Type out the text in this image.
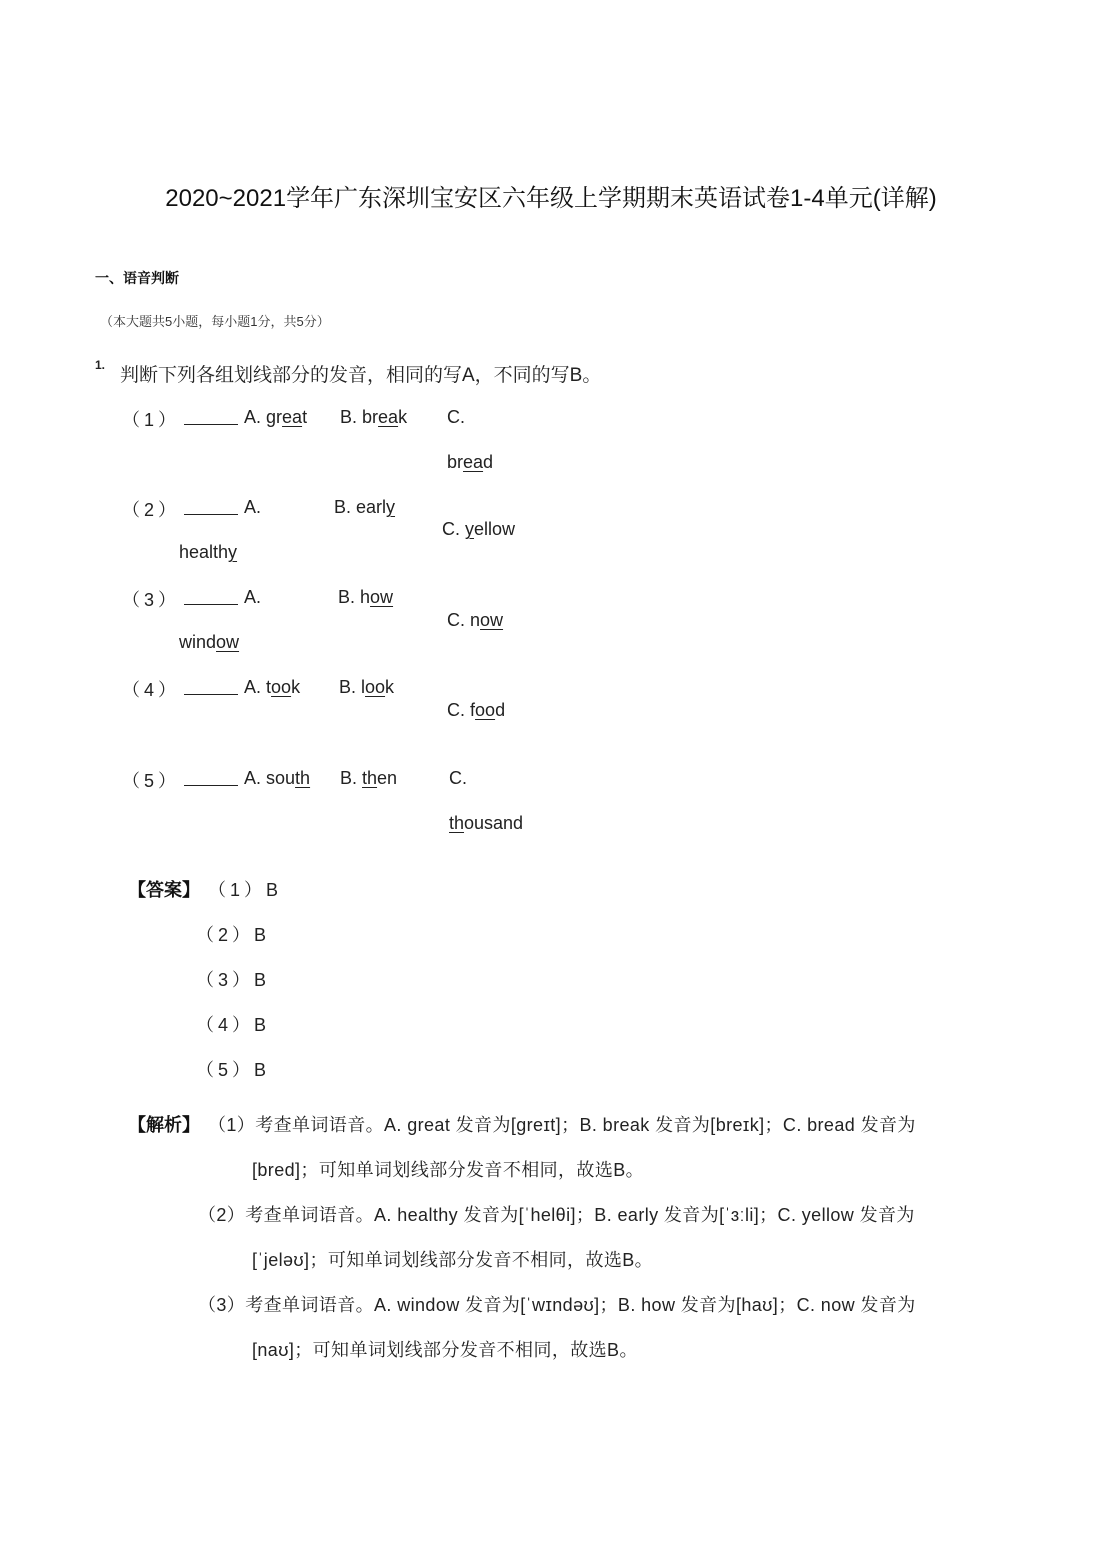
2020~2021学年广东深圳宝安区六年级上学期期末英语试卷1-4单元(详解)
一、语音判断
（本大题共5小题，每小题1分，共5分）
1. 判断下列各组划线部分的发音，相同的写A，不同的写B。
（1）	A. great B. break C.
bread
（2）	A.
healthy
B. early
C. yellow
（3）	A.
window
B. how
C. now
（4）	A. took B. look
C. food
（5）	A. south B. then	C.
thousand
【答案】 （1）B
（2）B
（3）B
（4）B
（5）B
【解析】 （1）考查单词语音。A. great 发音为[greɪt]；B. break 发音为[breɪk]；C. bread 发音为
[bred]；可知单词划线部分发音不相同，故选B。
（2）考查单词语音。A. healthy 发音为[ˈhelθi]；B. early 发音为[ˈɜːli]；C. yellow 发音为
[ˈjeləʊ]；可知单词划线部分发音不相同，故选B。
（3）考查单词语音。A. window 发音为[ˈwɪndəʊ]；B. how 发音为[haʊ]；C. now 发音为
[naʊ]；可知单词划线部分发音不相同，故选B。
